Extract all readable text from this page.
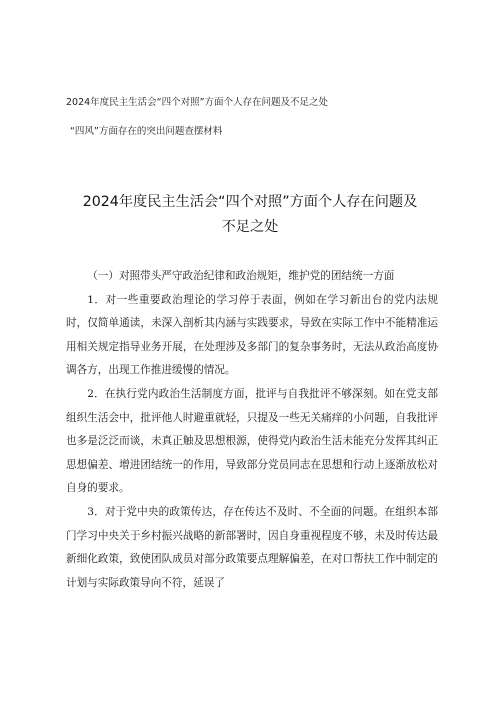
2024年度民主生活会“四个对照”方面个人存在问题及不足之处
“四风”方面存在的突出问题查摆材料
2024年度民主生活会“四个对照”方面个人存在问题及
不足之处

（一）对照带头严守政治纪律和政治规矩，维护党的团结统一方面

1．对一些重要政治理论的学习停于表面，例如在学习新出台的党内法规时，仅简单通读，未深入剖析其内涵与实践要求，导致在实际工作中不能精准运用相关规定指导业务开展，在处理涉及多部门的复杂事务时，无法从政治高度协调各方，出现工作推进缓慢的情况。

2．在执行党内政治生活制度方面，批评与自我批评不够深刻。如在党支部组织生活会中，批评他人时避重就轻，只提及一些无关痛痒的小问题，自我批评也多是泛泛而谈，未真正触及思想根源，使得党内政治生活未能充分发挥其纠正思想偏差、增进团结统一的作用，导致部分党员同志在思想和行动上逐渐放松对自身的要求。

3．对于党中央的政策传达，存在传达不及时、不全面的问题。在组织本部门学习中央关于乡村振兴战略的新部署时，因自身重视程度不够，未及时传达最新细化政策，致使团队成员对部分政策要点理解偏差，在对口帮扶工作中制定的计划与实际政策导向不符，延误了
